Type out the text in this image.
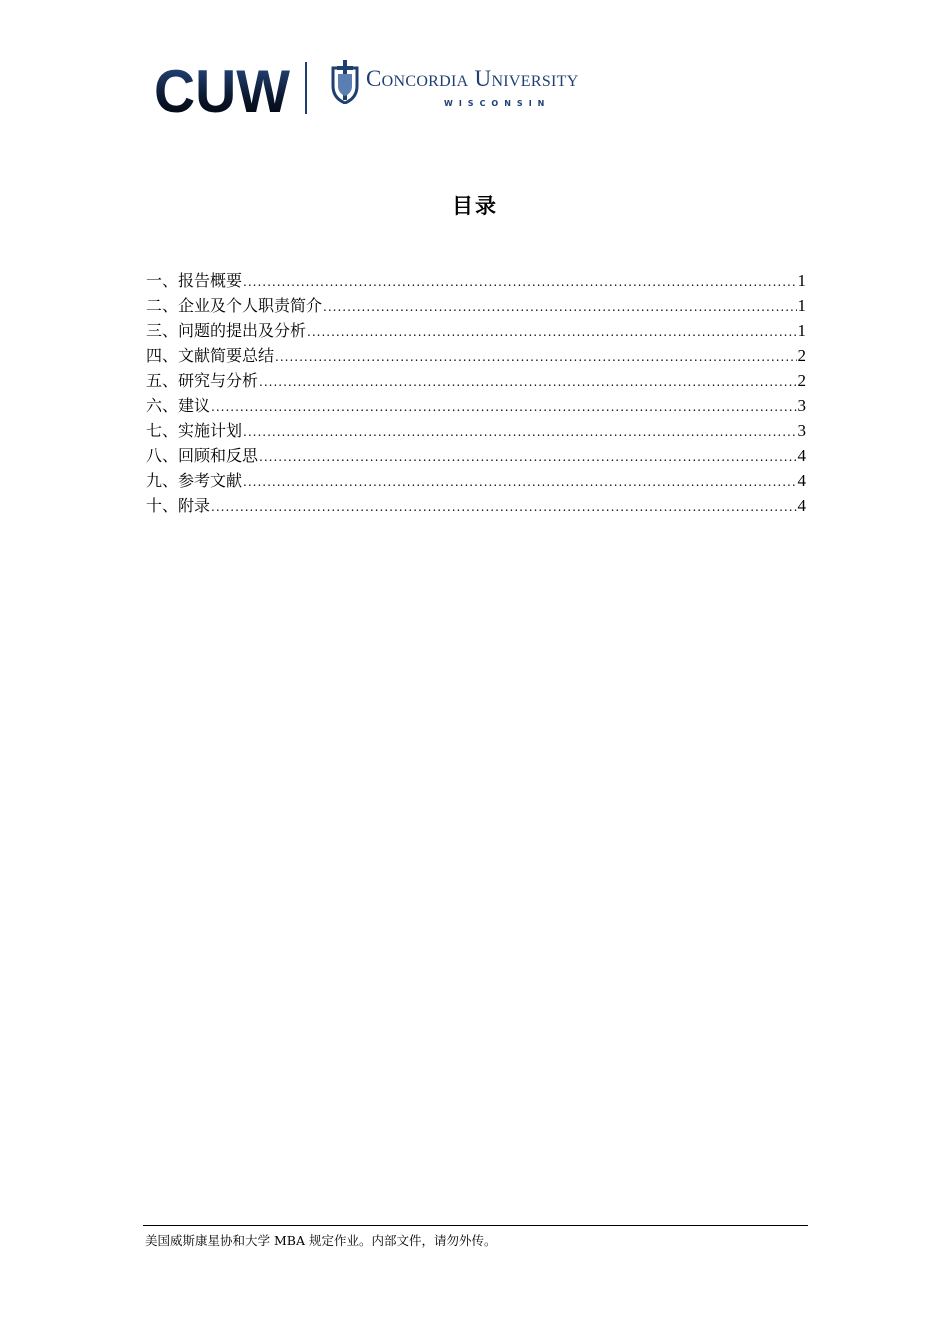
CUW	Concordia University
WISCONSIN
目录
一、报告概要 .....	1
二、企业及个人职责简介 .....	1
三、问题的提出及分析 .....	1
四、文献简要总结 .....	2
五、研究与分析 .....	2
六、建议 .....	3
七、实施计划 .....	3
八、回顾和反思 .....	4
九、参考文献 .....	4
十、附录 .....	4
美国威斯康星协和大学 MBA 规定作业。内部文件，请勿外传。
